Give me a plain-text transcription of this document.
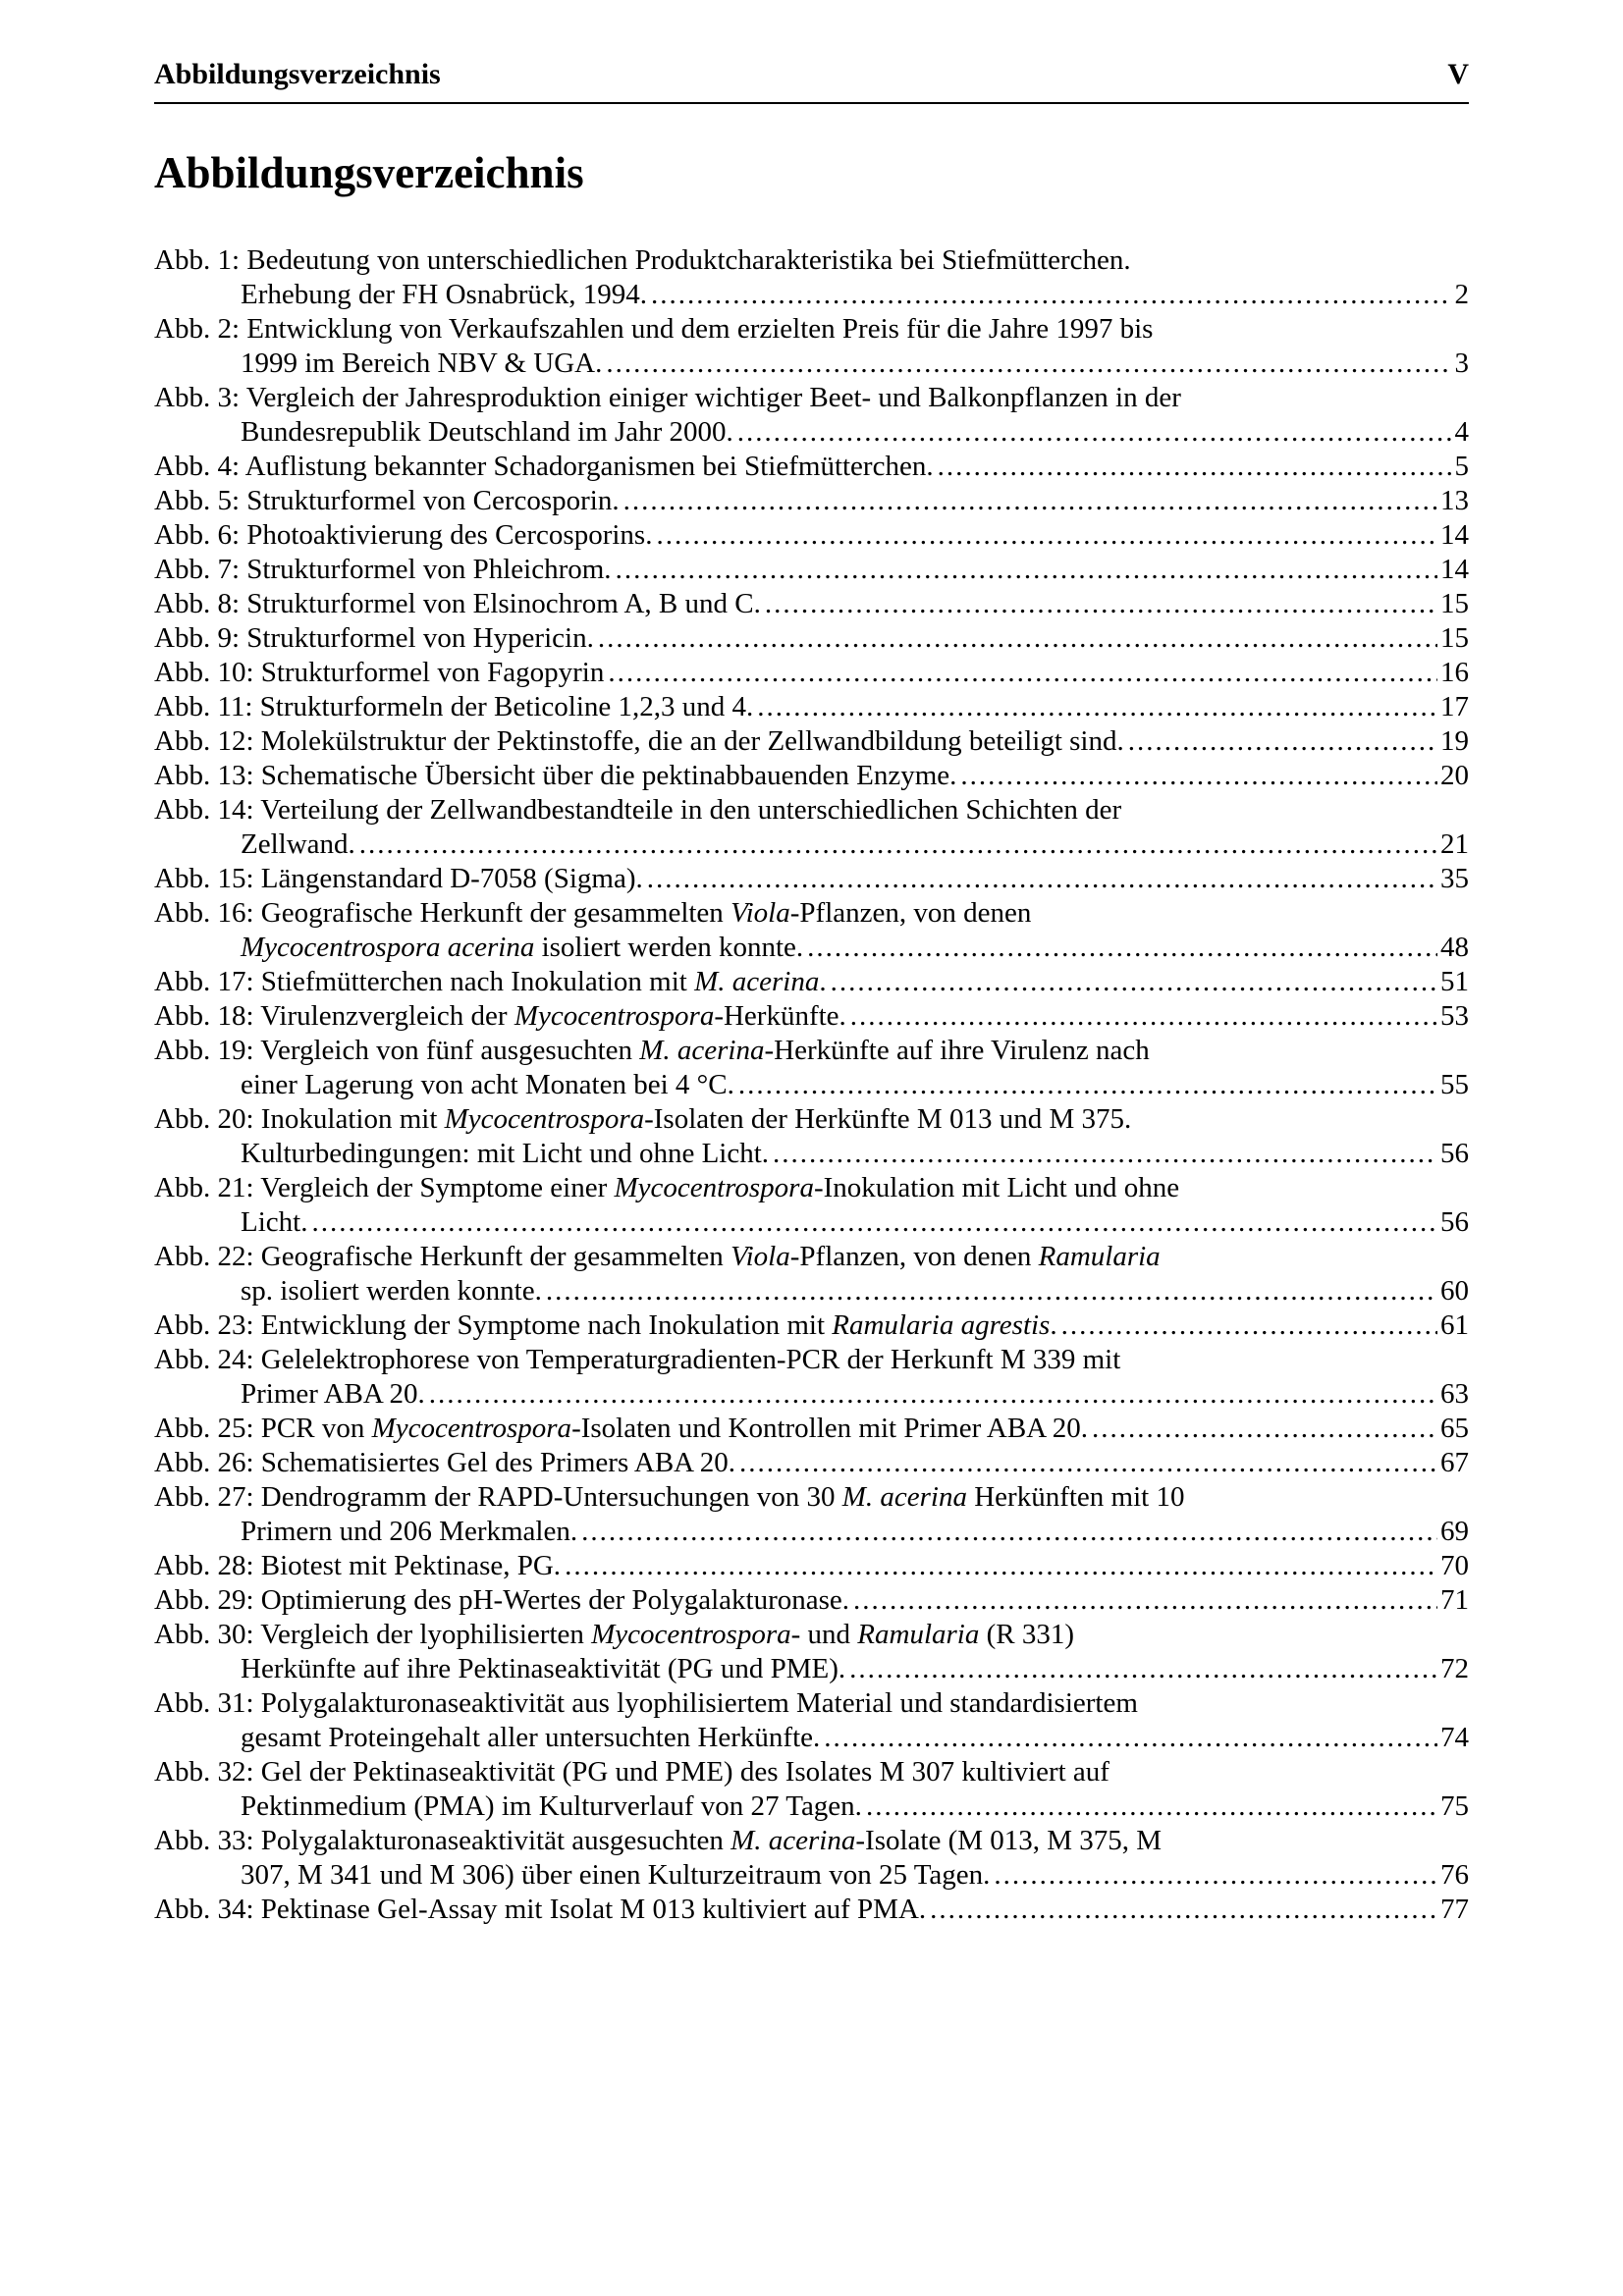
Abbildungsverzeichnis	V
Abbildungsverzeichnis
Abb. 1: Bedeutung von unterschiedlichen Produktcharakteristika bei Stiefmütterchen.
Erhebung der FH Osnabrück, 1994. .....	2
Abb. 2: Entwicklung von Verkaufszahlen und dem erzielten Preis für die Jahre 1997 bis
1999 im Bereich NBV & UGA. .....	3
Abb. 3: Vergleich der Jahresproduktion einiger wichtiger Beet- und Balkonpflanzen in der
Bundesrepublik Deutschland im Jahr 2000. .....	4
Abb. 4: Auflistung bekannter Schadorganismen bei Stiefmütterchen. .....	5
Abb. 5: Strukturformel von Cercosporin. .....	13
Abb. 6: Photoaktivierung des Cercosporins. .....	14
Abb. 7: Strukturformel von Phleichrom. .....	14
Abb. 8: Strukturformel von Elsinochrom A, B und C. .....	15
Abb. 9: Strukturformel von Hypericin. .....	15
Abb. 10: Strukturformel von Fagopyrin .....	16
Abb. 11: Strukturformeln der Beticoline 1,2,3 und 4. .....	17
Abb. 12: Molekülstruktur der Pektinstoffe, die an der Zellwandbildung beteiligt sind. .....	19
Abb. 13: Schematische Übersicht über die pektinabbauenden Enzyme. .....	20
Abb. 14: Verteilung der Zellwandbestandteile in den unterschiedlichen Schichten der
Zellwand. .....	21
Abb. 15: Längenstandard D-7058 (Sigma). .....	35
Abb. 16: Geografische Herkunft der gesammelten Viola-Pflanzen, von denen
Mycocentrospora acerina isoliert werden konnte. .....	48
Abb. 17: Stiefmütterchen nach Inokulation mit M. acerina. .....	51
Abb. 18: Virulenzvergleich der Mycocentrospora-Herkünfte. .....	53
Abb. 19: Vergleich von fünf ausgesuchten M. acerina-Herkünfte auf ihre Virulenz nach
einer Lagerung von acht Monaten bei 4 °C. .....	55
Abb. 20: Inokulation mit Mycocentrospora-Isolaten der Herkünfte M 013 und M 375.
Kulturbedingungen: mit Licht und ohne Licht. .....	56
Abb. 21: Vergleich der Symptome einer Mycocentrospora-Inokulation mit Licht und ohne
Licht. .....	56
Abb. 22: Geografische Herkunft der gesammelten Viola-Pflanzen, von denen Ramularia
sp. isoliert werden konnte. .....	60
Abb. 23: Entwicklung der Symptome nach Inokulation mit Ramularia agrestis. .....	61
Abb. 24: Gelelektrophorese von Temperaturgradienten-PCR der Herkunft M 339 mit
Primer ABA 20. .....	63
Abb. 25: PCR von Mycocentrospora-Isolaten und Kontrollen mit Primer ABA 20. .....	65
Abb. 26: Schematisiertes Gel des Primers ABA 20. .....	67
Abb. 27: Dendrogramm der RAPD-Untersuchungen von 30 M. acerina Herkünften mit 10
Primern und 206 Merkmalen. .....	69
Abb. 28: Biotest mit Pektinase, PG. .....	70
Abb. 29: Optimierung des pH-Wertes der Polygalakturonase. .....	71
Abb. 30: Vergleich der lyophilisierten Mycocentrospora- und Ramularia (R 331)
Herkünfte auf ihre Pektinaseaktivität (PG und PME). .....	72
Abb. 31: Polygalakturonaseaktivität aus lyophilisiertem Material und standardisiertem
gesamt Proteingehalt aller untersuchten Herkünfte. .....	74
Abb. 32: Gel der Pektinaseaktivität (PG und PME) des Isolates M 307 kultiviert auf
Pektinmedium (PMA) im Kulturverlauf von 27 Tagen. .....	75
Abb. 33: Polygalakturonaseaktivität ausgesuchten M. acerina-Isolate (M 013, M 375, M
307, M 341 und M 306) über einen Kulturzeitraum von 25 Tagen. .....	76
Abb. 34: Pektinase Gel-Assay mit Isolat M 013 kultiviert auf PMA. .....	77
